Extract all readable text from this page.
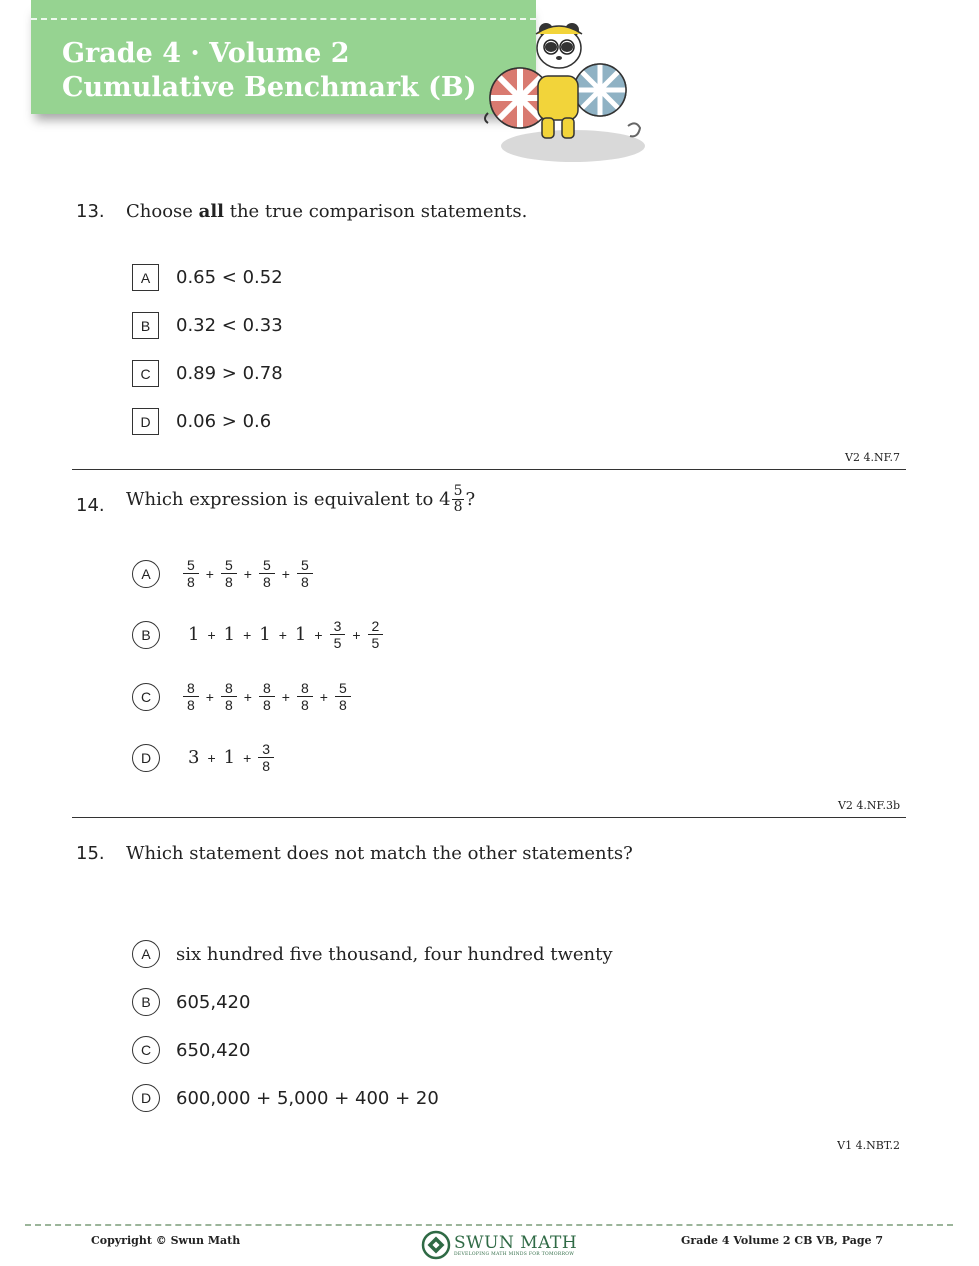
Grade 4 · Volume 2
Cumulative Benchmark (B)
13. Choose all the true comparison statements.
A	0.65 < 0.52
B	0.32 < 0.33
C	0.89 > 0.78
D	0.06 > 0.6
V2 4.NF.7
14. Which expression is equivalent to $4 \frac{5}{8}$ ?
A	$\frac{5}{8} + \frac{5}{8} + \frac{5}{8} + \frac{5}{8}$
B	$1 + 1 + 1 + 1 + \frac{3}{5} + \frac{2}{5}$
C	$\frac{8}{8} + \frac{8}{8} + \frac{8}{8} + \frac{8}{8} + \frac{5}{8}$
D	$3 + 1 + \frac{3}{8}$
V2 4.NF.3b
15. Which statement does not match the other statements?
A	six hundred five thousand, four hundred twenty
B	605,420
C	650,420
D	600,000 + 5,000 + 400 + 20
V1 4.NBT.2
Copyright © Swun Math	SWUN MATH
DEVELOPING MATH MINDS FOR TOMORROW
Grade 4 Volume 2 CB VB, Page 7
